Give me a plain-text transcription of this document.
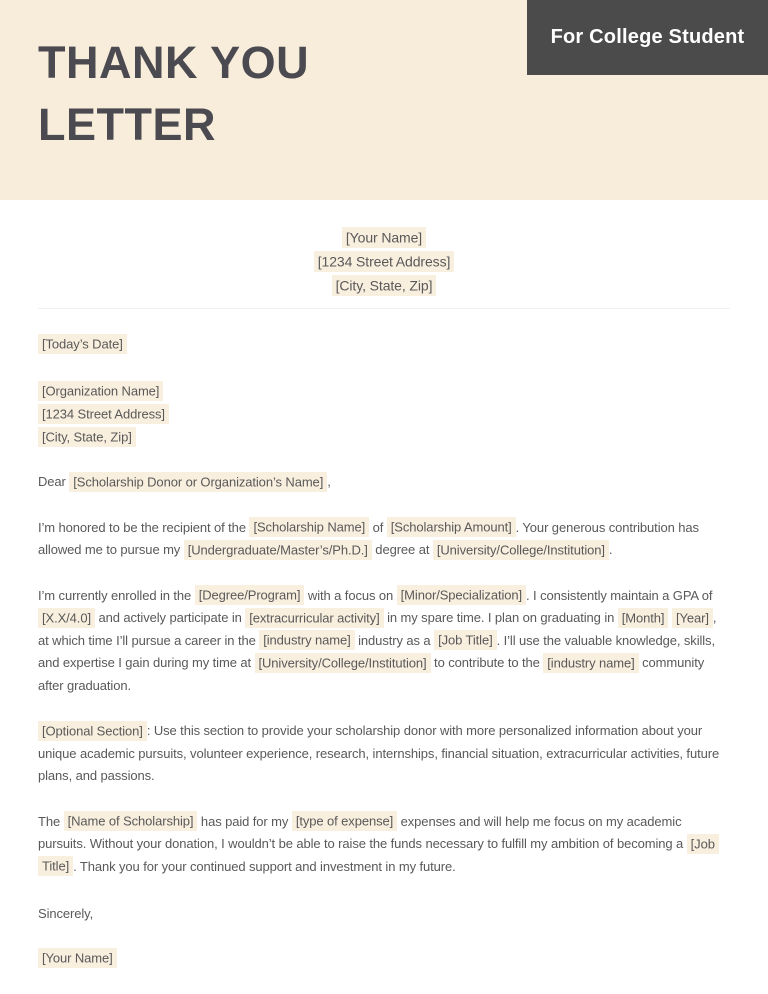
THANK YOU
LETTER
For College Student
[Your Name]
[1234 Street Address]
[City, State, Zip]
[Today’s Date]
[Organization Name]
[1234 Street Address]
[City, State, Zip]
Dear [Scholarship Donor or Organization’s Name] ,
I’m honored to be the recipient of the [Scholarship Name] of [Scholarship Amount] . Your generous contribution has allowed me to pursue my [Undergraduate/Master’s/Ph.D.] degree at [University/College/Institution] .
I’m currently enrolled in the [Degree/Program] with a focus on [Minor/Specialization] . I consistently maintain a GPA of [X.X/4.0] and actively participate in [extracurricular activity] in my spare time. I plan on graduating in [Month] [Year] , at which time I’ll pursue a career in the [industry name] industry as a [Job Title] . I’ll use the valuable knowledge, skills, and expertise I gain during my time at [University/College/Institution] to contribute to the [industry name] community after graduation.
[Optional Section] : Use this section to provide your scholarship donor with more personalized information about your unique academic pursuits, volunteer experience, research, internships, financial situation, extracurricular activities, future plans, and passions.
The [Name of Scholarship] has paid for my [type of expense] expenses and will help me focus on my academic pursuits. Without your donation, I wouldn’t be able to raise the funds necessary to fulfill my ambition of becoming a [Job Title] . Thank you for your continued support and investment in my future.
Sincerely,
[Your Name]
